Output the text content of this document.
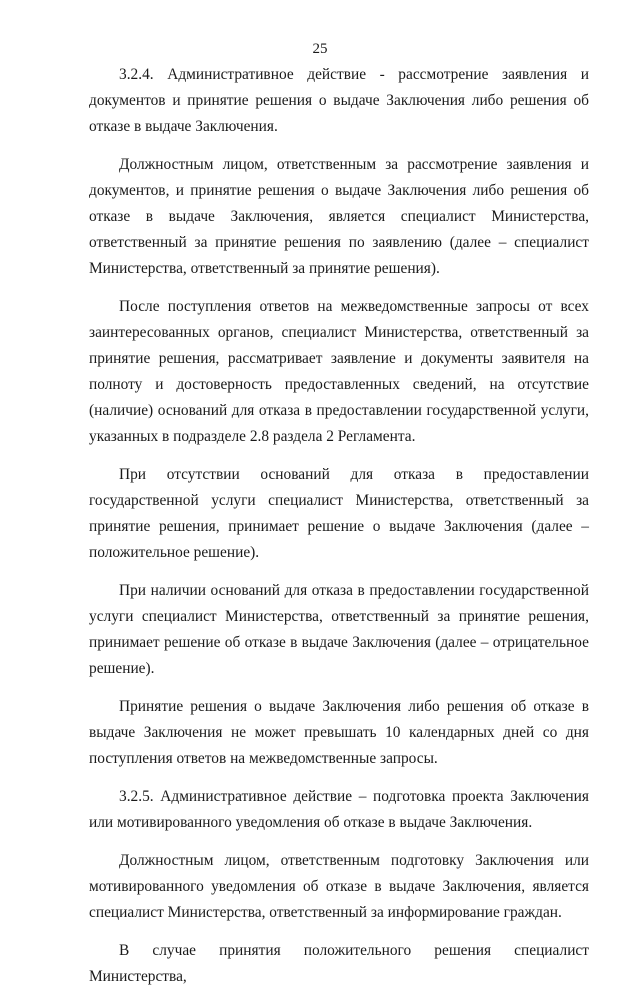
25

3.2.4. Административное действие - рассмотрение заявления и документов и принятие решения о выдаче Заключения либо решения об отказе в выдаче Заключения.

Должностным лицом, ответственным за рассмотрение заявления и документов, и принятие решения о выдаче Заключения либо решения об отказе в выдаче Заключения, является специалист Министерства, ответственный за принятие решения по заявлению (далее – специалист Министерства, ответственный за принятие решения).

После поступления ответов на межведомственные запросы от всех заинтересованных органов, специалист Министерства, ответственный за принятие решения, рассматривает заявление и документы заявителя на полноту и достоверность предоставленных сведений, на отсутствие (наличие) оснований для отказа в предоставлении государственной услуги, указанных в подразделе 2.8 раздела 2 Регламента.

При отсутствии оснований для отказа в предоставлении государственной услуги специалист Министерства, ответственный за принятие решения, принимает решение о выдаче Заключения (далее – положительное решение).

При наличии оснований для отказа в предоставлении государственной услуги специалист Министерства, ответственный за принятие решения, принимает решение об отказе в выдаче Заключения (далее – отрицательное решение).

Принятие решения о выдаче Заключения либо решения об отказе в выдаче Заключения не может превышать 10 календарных дней со дня поступления ответов на межведомственные запросы.

3.2.5. Административное действие – подготовка проекта Заключения или мотивированного уведомления об отказе в выдаче Заключения.

Должностным лицом, ответственным подготовку Заключения или мотивированного уведомления об отказе в выдаче Заключения, является специалист Министерства, ответственный за информирование граждан.

В случае принятия положительного решения специалист Министерства,
